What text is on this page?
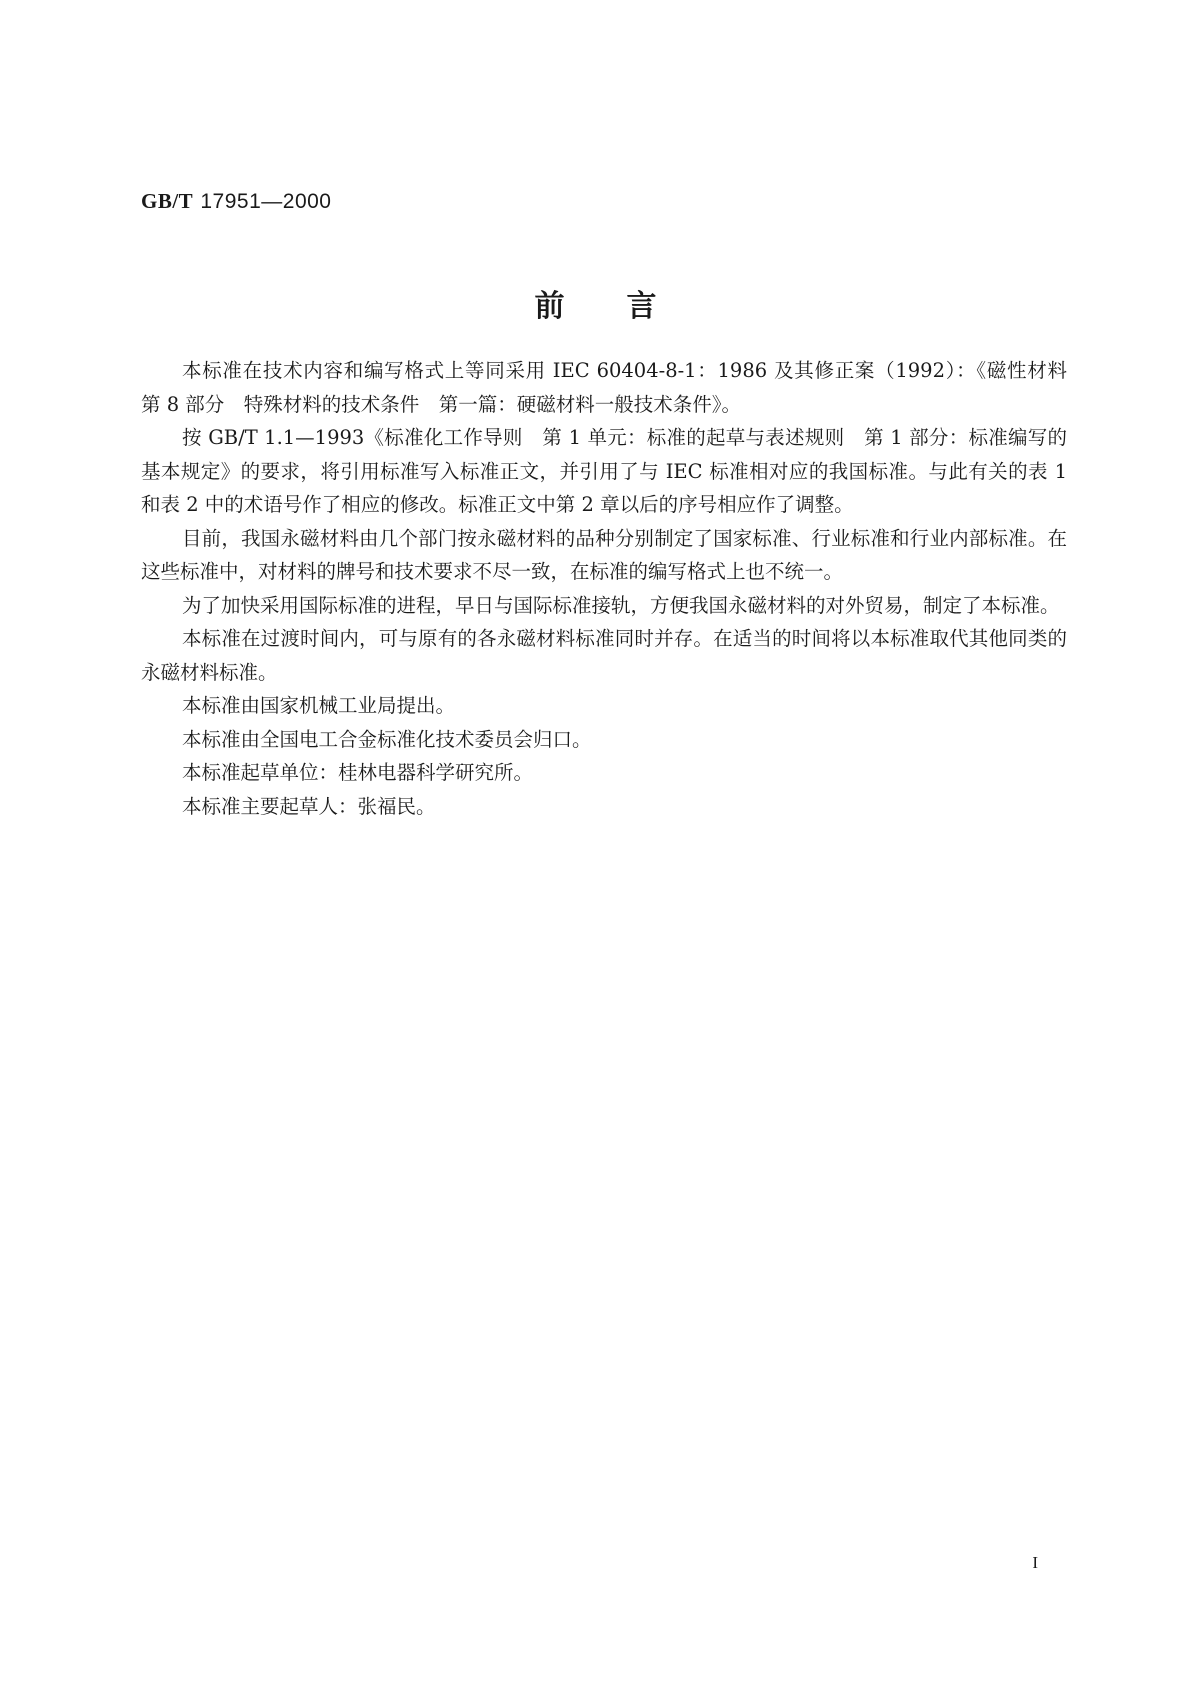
GB/T 17951—2000
前言

本标准在技术内容和编写格式上等同采用 IEC 60404-8-1：1986 及其修正案（1992）：《磁性材料　第 8 部分　特殊材料的技术条件　第一篇：硬磁材料一般技术条件》。

按 GB/T 1.1—1993《标准化工作导则　第 1 单元：标准的起草与表述规则　第 1 部分：标准编写的基本规定》的要求，将引用标准写入标准正文，并引用了与 IEC 标准相对应的我国标准。与此有关的表 1 和表 2 中的术语号作了相应的修改。标准正文中第 2 章以后的序号相应作了调整。

目前，我国永磁材料由几个部门按永磁材料的品种分别制定了国家标准、行业标准和行业内部标准。在这些标准中，对材料的牌号和技术要求不尽一致，在标准的编写格式上也不统一。

为了加快采用国际标准的进程，早日与国际标准接轨，方便我国永磁材料的对外贸易，制定了本标准。

本标准在过渡时间内，可与原有的各永磁材料标准同时并存。在适当的时间将以本标准取代其他同类的永磁材料标准。

本标准由国家机械工业局提出。

本标准由全国电工合金标准化技术委员会归口。

本标准起草单位：桂林电器科学研究所。

本标准主要起草人：张福民。

I
